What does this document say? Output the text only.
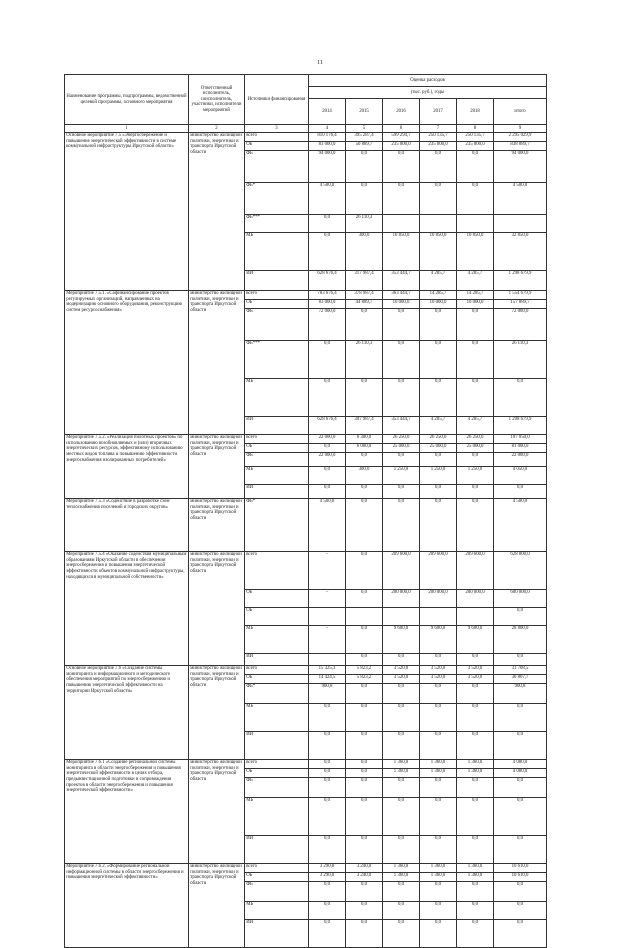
11
Наименование программы, подпрограммы, ведомственной целевой программы, основного мероприятия	Ответственный исполнитель, соисполнитель, участники, исполнители мероприятий	Источники финансирования	Оценка расходов					
			(тыс. руб.), годы					
			2014	2015	2016	2017	2018	итого
1	2	3	4	5	6	7	8	9
Основное мероприятие 7.5 «Энергосбережение и повышение энергетической эффективности в системе коммунальной инфраструктуры Иркутской области»	министерство жилищной политики, энергетики и транспорта Иркутской области	всего	810 176,4	395 287,4	599 294,7	250 135,7	250 135,7	2 295 029,9
		ОБ	83 000,0	50 889,7	235 000,0	235 000,0	235 000,0	838 889,7
		ФБ	94 000,0	0,0	0,0	0,0	0,0	94 000,0
		ФБ*	4 500,0	0,0	0,0	0,0	0,0	4 500,0
		ФБ***	0,0	26 110,3				
		МБ	0,0	300,0	10 850,0	10 850,0	10 850,0	32 850,0
		ИИ	628 676,4	317 987,4	353 444,7	4 285,7	4 285,7	1 298 679,9
Мероприятие 7.5.1. «Софинансирование проектов регулируемых организаций, направленных на модернизацию основного оборудования, реконструкцию систем ресурсоснабжения»	министерство жилищной политики, энергетики и транспорта Иркутской области	всего	783 676,4	378 987,4	363 444,7	14 285,7	14 285,7	1 554 679,9
		ОБ	83 000,0	44 889,7	10 000,0	10 000,0	10 000,0	157 889,7
		ФБ	72 000,0	0,0	0,0	0,0	0,0	72 000,0
		ФБ***	0,0	26 110,3	0,0	0,0	0,0	26 110,3
		МБ	0,0	0,0	0,0	0,0	0,0	0,0
		ИИ	628 676,4	307 987,4	353 444,7	4 285,7	4 285,7	1 298 679,9
Мероприятие 7.5.2. «Реализация пилотных проектов» по использованию возобновляемых и (или) вторичных энергетических ресурсов, эффективному использованию местных видов топлива и повышению эффективности энергоснабжения изолированных потребителей»	министерство жилищной политики, энергетики и транспорта Иркутской области	всего	22 000,0	6 300,0	26 250,0	26 250,0	26 250,0	107 050,0
		ОБ	0,0	6 000,0	25 000,0	25 000,0	25 000,0	81 000,0
		ФБ	22 000,0	0,0	0,0	0,0	0,0	22 000,0
		МБ	0,0	300,0	1 250,0	1 250,0	1 250,0	4 050,0
		ИИ	0,0	0,0	0,0	0,0	0,0	0,0
Мероприятие 7.5.3 «Содействие в разработке схем теплоснабжения поселений и городских округов»	министерство жилищной политики, энергетики и транспорта Иркутской области	ФБ*	4 500,0	0,0	0,0	0,0	0,0	4 500,0
Мероприятие 7.5.4 «Оказание содействия муниципальным образованиям Иркутской области в обеспечении энергосбережения и повышения энергетической эффективности объектов коммунальной инфраструктуры, находящихся в муниципальной собственности»	министерство жилищной политики, энергетики и транспорта Иркутской области	всего	–	0,0	209 600,0	209 600,0	209 600,0	628 800,0
		ОБ	–	0,0	200 000,0	200 000,0	200 000,0	600 000,0
		ОБ						0,0
		МБ	–	0,0	9 600,0	9 600,0	9 600,0	28 800,0
		ИИ		0,0	0,0	0,0	0,0	0,0
Основное мероприятие 7.6 «Создание системы мониторинга и информационного и методического обеспечения мероприятий по энергосбережению и повышению энергетической эффективности на территории Иркутской области»	министерство жилищной политики, энергетики и транспорта Иркутской области	всего	15 325,3	5 823,2	3 520,0	3 520,0	3 520,0	31 708,5
		ОБ	14 424,5	5 823,2	3 520,0	3 520,0	3 520,0	30 807,7
		ФБ*	900,8	0,0	0,0	0,0	0,0	900,8
		МБ	0,0	0,0	0,0	0,0	0,0	0,0
		ИИ	0,0	0,0	0,0	0,0	0,0	0,0
Мероприятие 7.6.1 «Создание региональной системы мониторинга в области энергосбережения и повышения энергетической эффективности в целях отбора, предынвестиционной подготовки и сопровождения проектов в области энергосбережения и повышения энергетической эффективности»	министерство жилищной политики, энергетики и транспорта Иркутской области	всего	0,0	0,0	1 360,0	1 360,0	1 360,0	4 080,0
		ОБ	0,0	0,0	1 360,0	1 360,0	1 360,0	4 080,0
		ФБ	0,0	0,0	0,0	0,0	0,0	0,0
		МБ	0,0	0,0	0,0	0,0	0,0	0,0
		ИИ	0,0	0,0	0,0	0,0	0,0	0,0
Мероприятие 7.6.2. «Формирование региональной информационной системы в области энергосбережения и повышения энергетической эффективности»	министерство жилищной политики, энергетики и транспорта Иркутской области	всего	3 290,0	3 240,0	1 360,0	1 360,0	1 360,0	10 610,0
		ОБ	3 290,0	3 240,0	1 360,0	1 360,0	1 360,0	10 610,0
		ФБ	0,0	0,0	0,0	0,0	0,0	0,0
		МБ	0,0	0,0	0,0	0,0	0,0	0,0
		ИИ	0,0	0,0	0,0	0,0	0,0	0,0
